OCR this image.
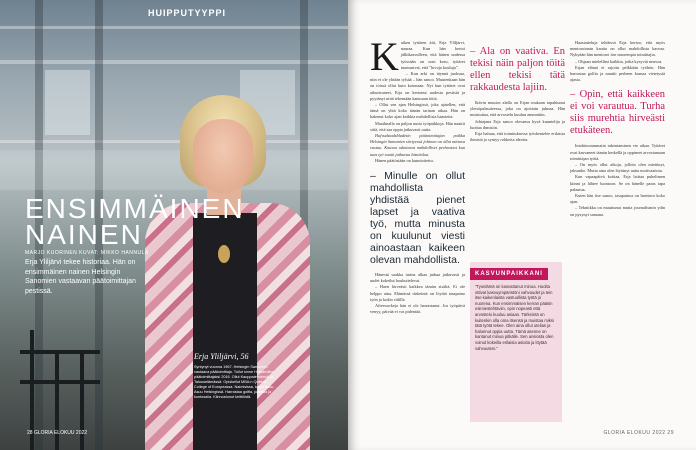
HUIPPUTYYPPI
ENSIMMÄINEN
NAINEN
MARJO KUORINEN KUVAT: MIKKO HANNULA
Erja Yliljärvi tekee historiaa. Hän on ensimmäinen nainen Helsingin Sanomien vastaavan päätoimittajan pestissä.
Erja Yliljärvi, 56
Syntynyt vuonna 1967. Helsingin Sanomien vastaava päätoimittaja. Tullut sinne Huhtamäen päätoimittajaksi 2016. Ollut Kauppalehdessä ja Talouselämässä. Opiskellut MBA:n Queens College of Europeassa. Naimisissa, kaksi lasta. Asuu Helsingissä. Harrastaa golfia, juoksua ja kuntosalia. Kiinnostunut keittiöstä.
28 GLORIA ELOKUU 2022
K aiken tyttären äiti, Erja Yliljärvi, nauraa. Kun hän kertoi jälkikasvulleen, että hänen uudessa työssään on uusi koru, tyttäret tuumasivat, että ”kivoja kouluja”.

– Kun arki on täynnä juoksua, niin ei ole yhtään tylsää – hän sanoo. Muutenkaan hän on töissä ollut kuin kotonaan. Nyt kun tyttäret ovat aikuistuneet, Erja on kertonut uudesta pestistä ja pyytänyt niitä tekemään kanssaan töitä.

– Ollut sen ajan Helsingissä, joka ajatellen, että tämä on yhtä koko tämän tarinan aikaa. Hän on hakenut koko ajan kaikkia mahdollisia haasteita.

Maailmalla on paljon uusia työpaikkoja. Hän nauttii siitä, että saa oppia jatkuvasti uutta.

Hufvudstadsbladetin päätoimittajan paikka Helsingin Sanomien siirtyessä johtoon on ollut mittava vastuu. Kotona odottavat mahdolliset perheasiat kun taas työ vaatii jatkuvaa läsnäoloa.

Hänen päätöstään on kunnioitettu.

– Minulle on ollut mahdollista yhdistää pienet lapset ja vaativa työ, mutta minusta on kuulunut viesti ainoastaan kaikeen olevan mahdollista.

Hänestä saakka tarina alkaa jatkua jatkuvasti ja uudet kokeilut houkuttelevat.

– Haen hirveästi kaikkea tämän sisältä. Ei ole helppo aina. Elämässä tärkeintä on löytää tasapaino työn ja kodin välillä.

Afterworkeja hän ei ole harrastanut. Jos työpäivä venyy, päivää ei voi pidentää.

– Ala on vaativa. En tekisi näin paljon töitä ellen tekisi tätä rakkaudesta lajiin.

Ikävin muutos alalla on Erjan mukaan tapahtunut yleisöpalautteessa, joka on ajoittain julmaa. Hän muistuttaa, että arvostelu kuuluu ammattiin.

Johtajana Erja sanoo olevansa hyvä kuuntelija ja luottaa ihmisiin.

Erja haluaa, että toimituksessa työskentelee erilaisia ihmisiä ja syntyy rohkeita ideoita.

KASVUNPAIKKANI
”Tyoelämä on kasvattanut minua. Huolta ottivat kasvuympäristöni vahvuudet ja tein itse kaikenlaista vastuullista työtä jo nuorena. Kun ensimmäisen kerran pääsin esimiestehtäviin, opin nopeasti että arvostelu kuuluu asiaan. Tärkeintä on kuitenkin olla oma itsensä ja muistaa miksi tätä työtä tekee. Olen aina ollut utelias ja halunnut oppia uutta. Tämä asenne on kantanut minua pitkälle. Sen ansiosta olen voinut kokeilla erilaisia asioita ja löytää vahvuuteni.”

Haastatteluja tehdessä Erja kertoo, että myös mentoroinnin kautta on ollut mahdollista kasvaa. Nykyään hän mentoroi itse nuorempia toimittajia.

– Ohjaan mielelläni kaikkia, jotka kysyvät neuvoa.

Erjan elämä ei rajoitu pelkkään työhön. Hän harrastaa golfia ja nauttii perheen kanssa vietetystä ajasta.

– Opin, että kaikkeen ei voi varautua. Turha siis murehtia hirveästi etukäteen.

Intohimoammatin rakentaminen vie aikaa. Tyttäret ovat kasvaneet tämän keskellä ja oppineet arvostamaan toimittajan työtä.

– On myös ollut aikoja, jolloin olen miettinyt, jaksanko. Mutta aina olen löytänyt uutta motivaatiota.

Kun vapaapäivä koittaa, Erja laittaa puhelimen kiinni ja lähtee luontoon. Se on hänelle paras tapa palautua.

Kuten hän itse sanoo, tasapainoa on haettava koko ajan.

– Tekniikka on muuttunut mutta journalismin ydin on pysynyt samana.

GLORIA ELOKUU 2022 29
